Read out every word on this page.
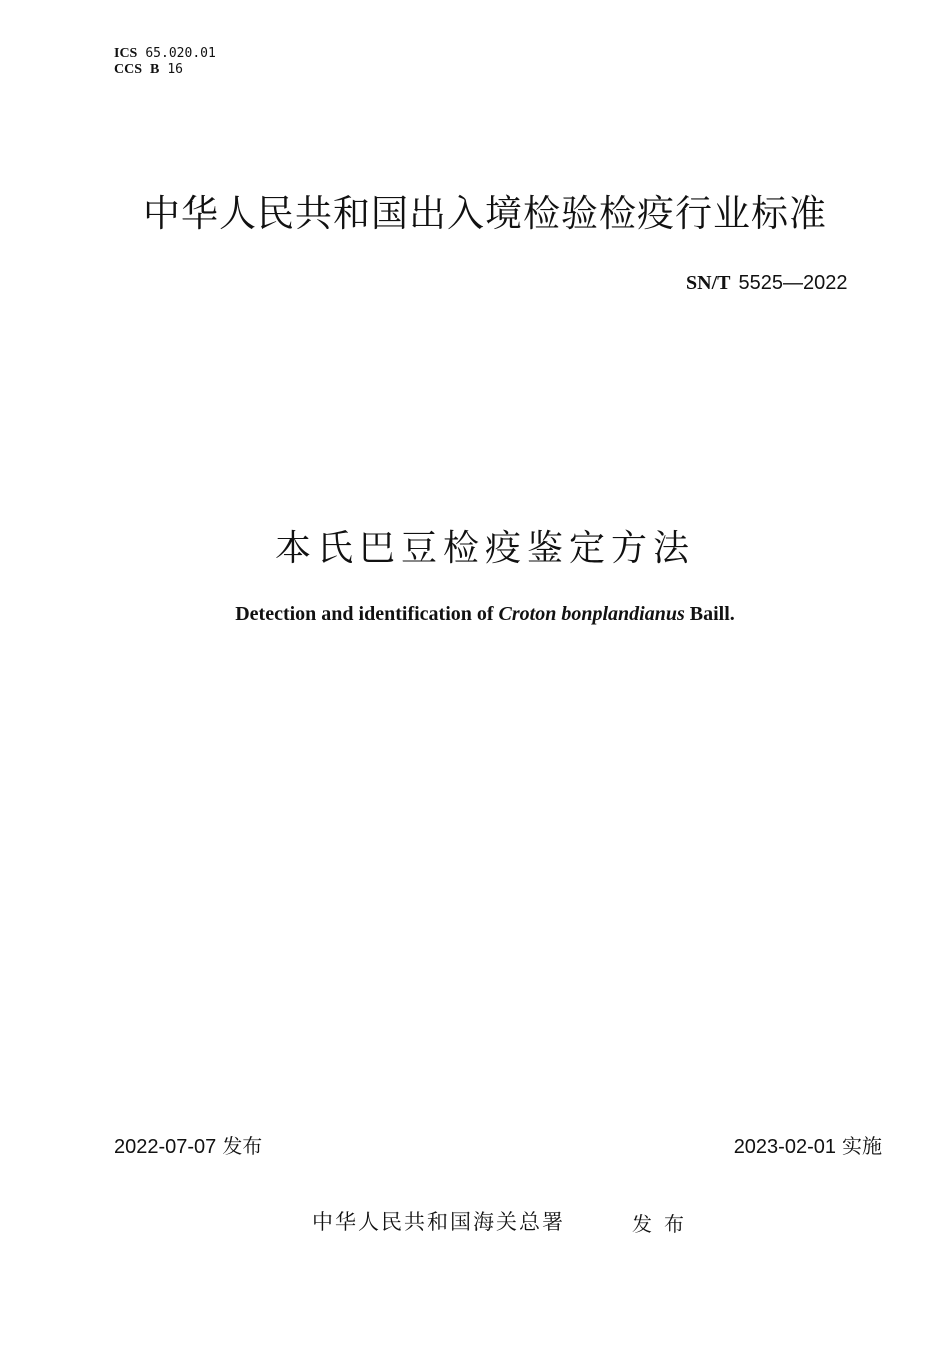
ICS 65.020.01
CCS B 16
中华人民共和国出入境检验检疫行业标准
SN/T 5525—2022
本氏巴豆检疫鉴定方法
Detection and identification of Croton bonplandianus Baill.
2022-07-07 发布	2023-02-01 实施
中华人民共和国海关总署	发布
